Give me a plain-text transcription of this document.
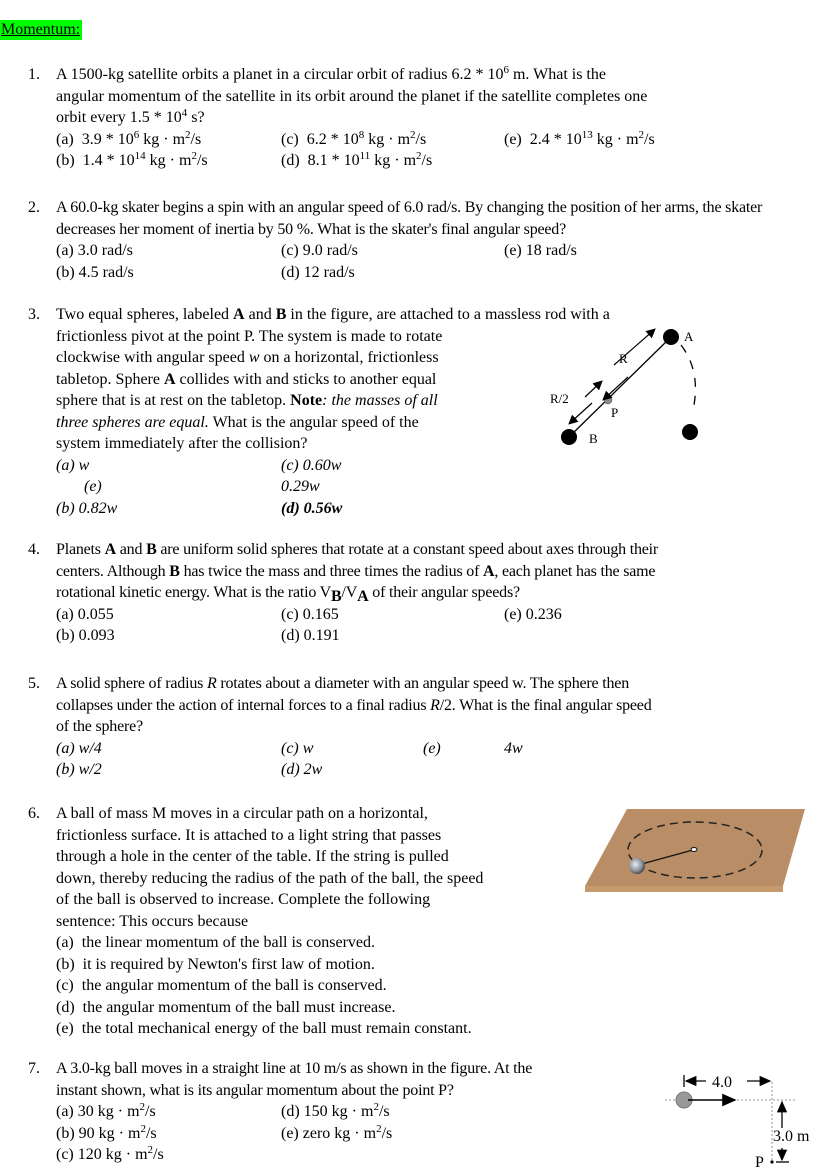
Momentum:
1. A 1500-kg satellite orbits a planet in a circular orbit of radius $6.2 * 10^6$ m. What is the
angular momentum of the satellite in its orbit around the planet if the satellite completes one
orbit every $1.5 * 10^4$ s?
(a) $3.9 * 10^6$ kg · $m^2/s$	(c) $6.2 * 10^8$ kg · $m^2/s$	(e) $2.4 * 10^{13}$ kg · $m^2/s$
(b) $1.4 * 10^{14}$ kg · $m^2/s$	(d) $8.1 * 10^{11}$ kg · $m^2/s$
2. A 60.0-kg skater begins a spin with an angular speed of 6.0 rad/s. By changing the position of her arms, the skater decreases her moment of inertia by 50 %. What is the skater's final angular speed?
(a) 3.0 rad/s	(c) 9.0 rad/s	(e) 18 rad/s
(b) 4.5 rad/s	(d) 12 rad/s
3. Two equal spheres, labeled A and B in the figure, are attached to a massless rod with a
frictionless pivot at the point P. The system is made to rotate
clockwise with angular speed w on a horizontal, frictionless
tabletop. Sphere A collides with and sticks to another equal
sphere that is at rest on the tabletop. Note: the masses of all
three spheres are equal. What is the angular speed of the
system immediately after the collision?
(a) w	(c) 0.60w
(e)	0.29w
(b) 0.82w	(d) 0.56w
A
B
P
R
R/2
4. Planets A and B are uniform solid spheres that rotate at a constant speed about axes through their
centers. Although B has twice the mass and three times the radius of A, each planet has the same
rotational kinetic energy. What is the ratio $V_B/V_A$ of their angular speeds?
(a) 0.055	(c) 0.165	(e) 0.236
(b) 0.093	(d) 0.191
5. A solid sphere of radius R rotates about a diameter with an angular speed w. The sphere then
collapses under the action of internal forces to a final radius R/2. What is the final angular speed
of the sphere?
(a) w/4	(c) w	(e)	4w
(b) w/2	(d) 2w
6. A ball of mass M moves in a circular path on a horizontal,
frictionless surface. It is attached to a light string that passes
through a hole in the center of the table. If the string is pulled
down, thereby reducing the radius of the path of the ball, the speed
of the ball is observed to increase. Complete the following
sentence: This occurs because
(a) the linear momentum of the ball is conserved.
(b) it is required by Newton's first law of motion.
(c) the angular momentum of the ball is conserved.
(d) the angular momentum of the ball must increase.
(e) the total mechanical energy of the ball must remain constant.
7. A 3.0-kg ball moves in a straight line at 10 m/s as shown in the figure. At the
instant shown, what is its angular momentum about the point P?
(a) 30 kg · $m^2/s$	(d) 150 kg · $m^2/s$
(b) 90 kg · $m^2/s$	(e) zero kg · $m^2/s$
(c) 120 kg · $m^2/s$
4.0
3.0 m
P
